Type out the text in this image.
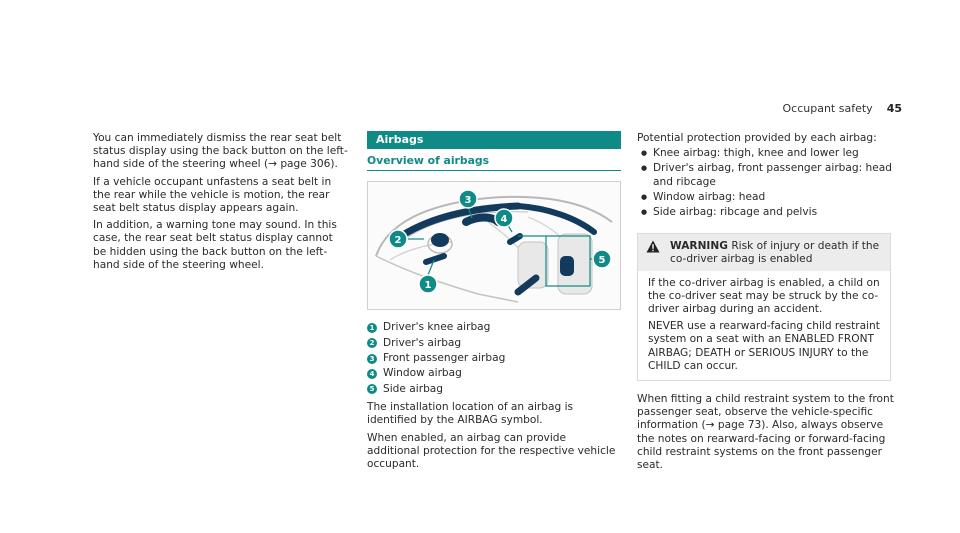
Occupant safety 45

You can immediately dismiss the rear seat belt status display using the back button on the left-hand side of the steering wheel (→ page 306).

If a vehicle occupant unfastens a seat belt in the rear while the vehicle is motion, the rear seat belt status display appears again.

In addition, a warning tone may sound. In this case, the rear seat belt status display cannot be hidden using the back button on the left-hand side of the steering wheel.

Airbags
Overview of airbags
1
2
3
4
5
1 Driver's knee airbag
2 Driver's airbag
3 Front passenger airbag
4 Window airbag
5 Side airbag

The installation location of an airbag is identified by the AIRBAG symbol.

When enabled, an airbag can provide additional protection for the respective vehicle occupant.

Potential protection provided by each airbag:

● Knee airbag: thigh, knee and lower leg
● Driver's airbag, front passenger airbag: head and ribcage
● Window airbag: head
● Side airbag: ribcage and pelvis
WARNING Risk of injury or death if the co-driver airbag is enabled

If the co-driver airbag is enabled, a child on the co-driver seat may be struck by the co-driver airbag during an accident.

NEVER use a rearward-facing child restraint system on a seat with an ENABLED FRONT AIRBAG; DEATH or SERIOUS INJURY to the CHILD can occur.

When fitting a child restraint system to the front passenger seat, observe the vehicle-specific information (→ page 73). Also, always observe the notes on rearward-facing or forward-facing child restraint systems on the front passenger seat.
